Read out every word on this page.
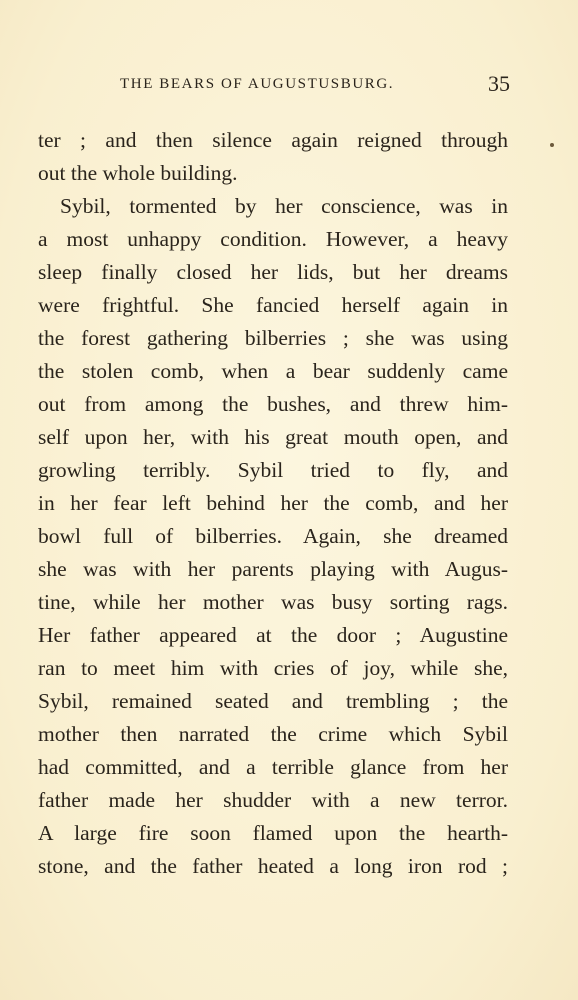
THE BEARS OF AUGUSTUSBURG.	35
ter ; and then silence again reigned through
out the whole building.
Sybil, tormented by her conscience, was in
a most unhappy condition. However, a heavy
sleep finally closed her lids, but her dreams
were frightful. She fancied herself again in
the forest gathering bilberries ; she was using
the stolen comb, when a bear suddenly came
out from among the bushes, and threw him-
self upon her, with his great mouth open, and
growling terribly. Sybil tried to fly, and
in her fear left behind her the comb, and her
bowl full of bilberries. Again, she dreamed
she was with her parents playing with Augus-
tine, while her mother was busy sorting rags.
Her father appeared at the door ; Augustine
ran to meet him with cries of joy, while she,
Sybil, remained seated and trembling ; the
mother then narrated the crime which Sybil
had committed, and a terrible glance from her
father made her shudder with a new terror.
A large fire soon flamed upon the hearth-
stone, and the father heated a long iron rod ;
